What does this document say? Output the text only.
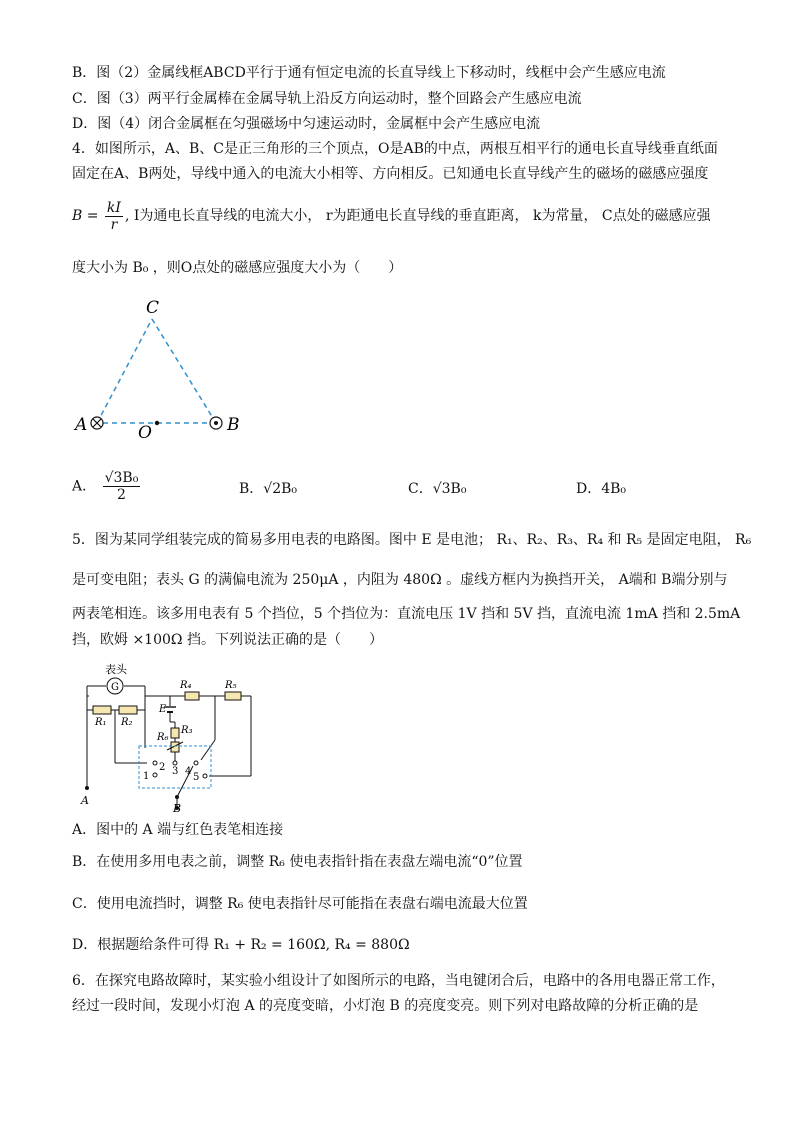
B．图（2）金属线框ABCD平行于通有恒定电流的长直导线上下移动时，线框中会产生感应电流
C．图（3）两平行金属棒在金属导轨上沿反方向运动时，整个回路会产生感应电流
D．图（4）闭合金属框在匀强磁场中匀速运动时，金属框中会产生感应电流
4．如图所示，A、B、C是正三角形的三个顶点，O是AB的中点，两根互相平行的通电长直导线垂直纸面
固定在A、B两处，导线中通入的电流大小相等、方向相反。已知通电长直导线产生的磁场的磁感应强度
$B = \frac{kI}{r}$ , I为通电长直导线的电流大小， r为距通电长直导线的垂直距离， k为常量， C点处的磁感应强
度大小为 B₀ ，则O点处的磁感应强度大小为（　　）
C
A	B
O
A． $\frac{\text{√3B₀}}{2}$	B．√2B₀	C．√3B₀	D．4B₀
5．图为某同学组装完成的简易多用电表的电路图。图中 E 是电池； R₁、R₂、R₃、R₄ 和 R₅ 是固定电阻， R₆
是可变电阻；表头 G 的满偏电流为 250μA ，内阻为 480Ω 。虚线方框内为换挡开关， A端和 B端分别与
两表笔相连。该多用电表有 5 个挡位，5 个挡位为：直流电压 1V 挡和 5V 挡，直流电流 1mA 挡和 2.5mA
挡，欧姆 ×100Ω 挡。下列说法正确的是（　　）
G
表头
R₁ R₂
R₄	R₅
R₃
R₆
E
1
2 3 4
5
A
B
A．图中的 A 端与红色表笔相连接
B．在使用多用电表之前，调整 R₆ 使电表指针指在表盘左端电流“0”位置
C．使用电流挡时，调整 R₆ 使电表指针尽可能指在表盘右端电流最大位置
D．根据题给条件可得 R₁ + R₂ = 160Ω, R₄ = 880Ω
6．在探究电路故障时，某实验小组设计了如图所示的电路，当电键闭合后，电路中的各用电器正常工作，
经过一段时间，发现小灯泡 A 的亮度变暗，小灯泡 B 的亮度变亮。则下列对电路故障的分析正确的是
